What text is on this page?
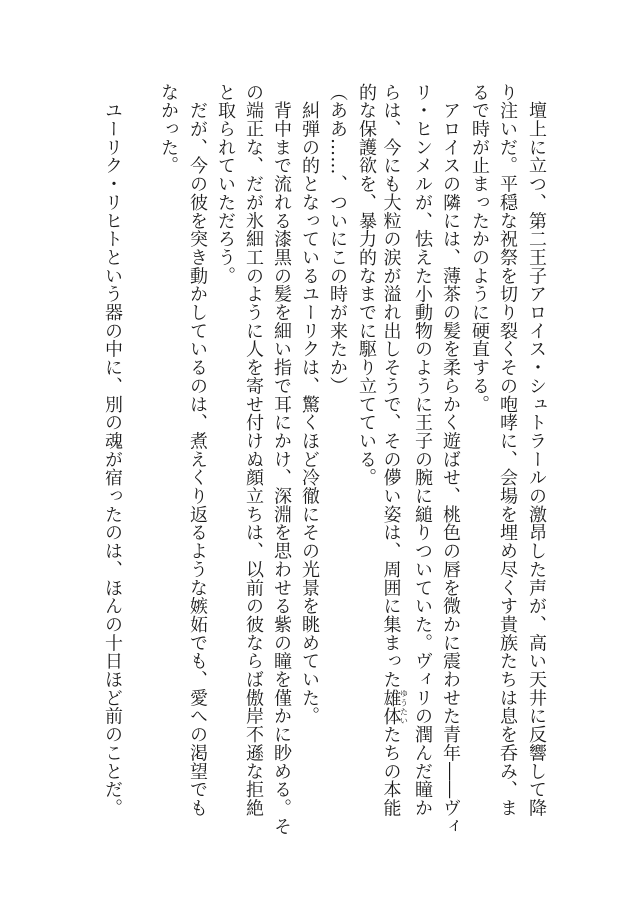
　壇上に立つ、第二王子アロイス・シュトラールの激昂した声が、高い天井に反響して降
り注いだ。平穏な祝祭を切り裂くその咆哮に、会場を埋め尽くす貴族たちは息を呑み、ま
るで時が止まったかのように硬直する。
　アロイスの隣には、薄茶の髪を柔らかく遊ばせ、桃色の唇を微かに震わせた青年――ヴィ
リ・ヒンメルが、怯えた小動物のように王子の腕に縋りついていた。ヴィリの潤んだ瞳か
らは、今にも大粒の涙が溢れ出しそうで、その儚い姿は、周囲に集まった雄体ゆうたいたちの本能
的な保護欲を、暴力的なまでに駆り立てている。
（ああ……、ついにこの時が来たか）
　糾弾の的となっているユーリクは、驚くほど冷徹にその光景を眺めていた。
　背中まで流れる漆黒の髪を細い指で耳にかけ、深淵を思わせる紫の瞳を僅かに眇める。そ
の端正な、だが氷細工のように人を寄せ付けぬ顔立ちは、以前の彼ならば傲岸不遜な拒絶
と取られていただろう。
　だが、今の彼を突き動かしているのは、煮えくり返るような嫉妬でも、愛への渇望でも
なかった。
　ユーリク・リヒトという器の中に、別の魂が宿ったのは、ほんの十日ほど前のことだ。
